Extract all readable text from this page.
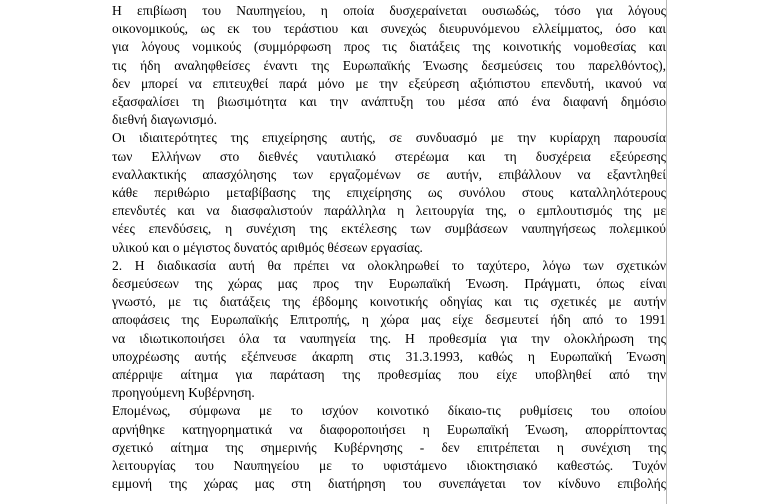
Η επιβίωση του Ναυπηγείου, η οποία δυσχεραίνεται ουσιωδώς, τόσο για λόγους

οικονομικούς, ως εκ του τεράστιου και συνεχώς διευρυνόμενου ελλείμματος, όσο και

για λόγους νομικούς (συμμόρφωση προς τις διατάξεις της κοινοτικής νομοθεσίας και

τις ήδη αναληφθείσες έναντι της Ευρωπαϊκής Ένωσης δεσμεύσεις του παρελθόντος),

δεν μπορεί να επιτευχθεί παρά μόνο με την εξεύρεση αξιόπιστου επενδυτή, ικανού να

εξασφαλίσει τη βιωσιμότητα και την ανάπτυξη του μέσα από ένα διαφανή δημόσιο

διεθνή διαγωνισμό.

Οι ιδιαιτερότητες της επιχείρησης αυτής, σε συνδυασμό με την κυρίαρχη παρουσία

των Ελλήνων στο διεθνές ναυτιλιακό στερέωμα και τη δυσχέρεια εξεύρεσης

εναλλακτικής απασχόλησης των εργαζομένων σε αυτήν, επιβάλλουν να εξαντληθεί

κάθε περιθώριο μεταβίβασης της επιχείρησης ως συνόλου στους καταλληλότερους

επενδυτές και να διασφαλιστούν παράλληλα η λειτουργία της, ο εμπλουτισμός της με

νέες επενδύσεις, η συνέχιση της εκτέλεσης των συμβάσεων ναυπηγήσεως πολεμικού

υλικού και ο μέγιστος δυνατός αριθμός θέσεων εργασίας.

2. Η διαδικασία αυτή θα πρέπει να ολοκληρωθεί το ταχύτερο, λόγω των σχετικών

δεσμεύσεων της χώρας μας προς την Ευρωπαϊκή Ένωση. Πράγματι, όπως είναι

γνωστό, με τις διατάξεις της έβδομης κοινοτικής οδηγίας και τις σχετικές με αυτήν

αποφάσεις της Ευρωπαϊκής Επιτροπής, η χώρα μας είχε δεσμευτεί ήδη από το 1991

να ιδιωτικοποιήσει όλα τα ναυπηγεία της. Η προθεσμία για την ολοκλήρωση της

υποχρέωσης αυτής εξέπνευσε άκαρπη στις 31.3.1993, καθώς η Ευρωπαϊκή Ένωση

απέρριψε αίτημα για παράταση της προθεσμίας που είχε υποβληθεί από την

προηγούμενη Κυβέρνηση.

Επομένως, σύμφωνα με το ισχύον κοινοτικό δίκαιο-τις ρυθμίσεις του οποίου

αρνήθηκε κατηγορηματικά να διαφοροποιήσει η Ευρωπαϊκή Ένωση, απορρίπτοντας

σχετικό αίτημα της σημερινής Κυβέρνησης - δεν επιτρέπεται η συνέχιση της

λειτουργίας του Ναυπηγείου με το υφιστάμενο ιδιοκτησιακό καθεστώς. Τυχόν

εμμονή της χώρας μας στη διατήρηση του συνεπάγεται τον κίνδυνο επιβολής
